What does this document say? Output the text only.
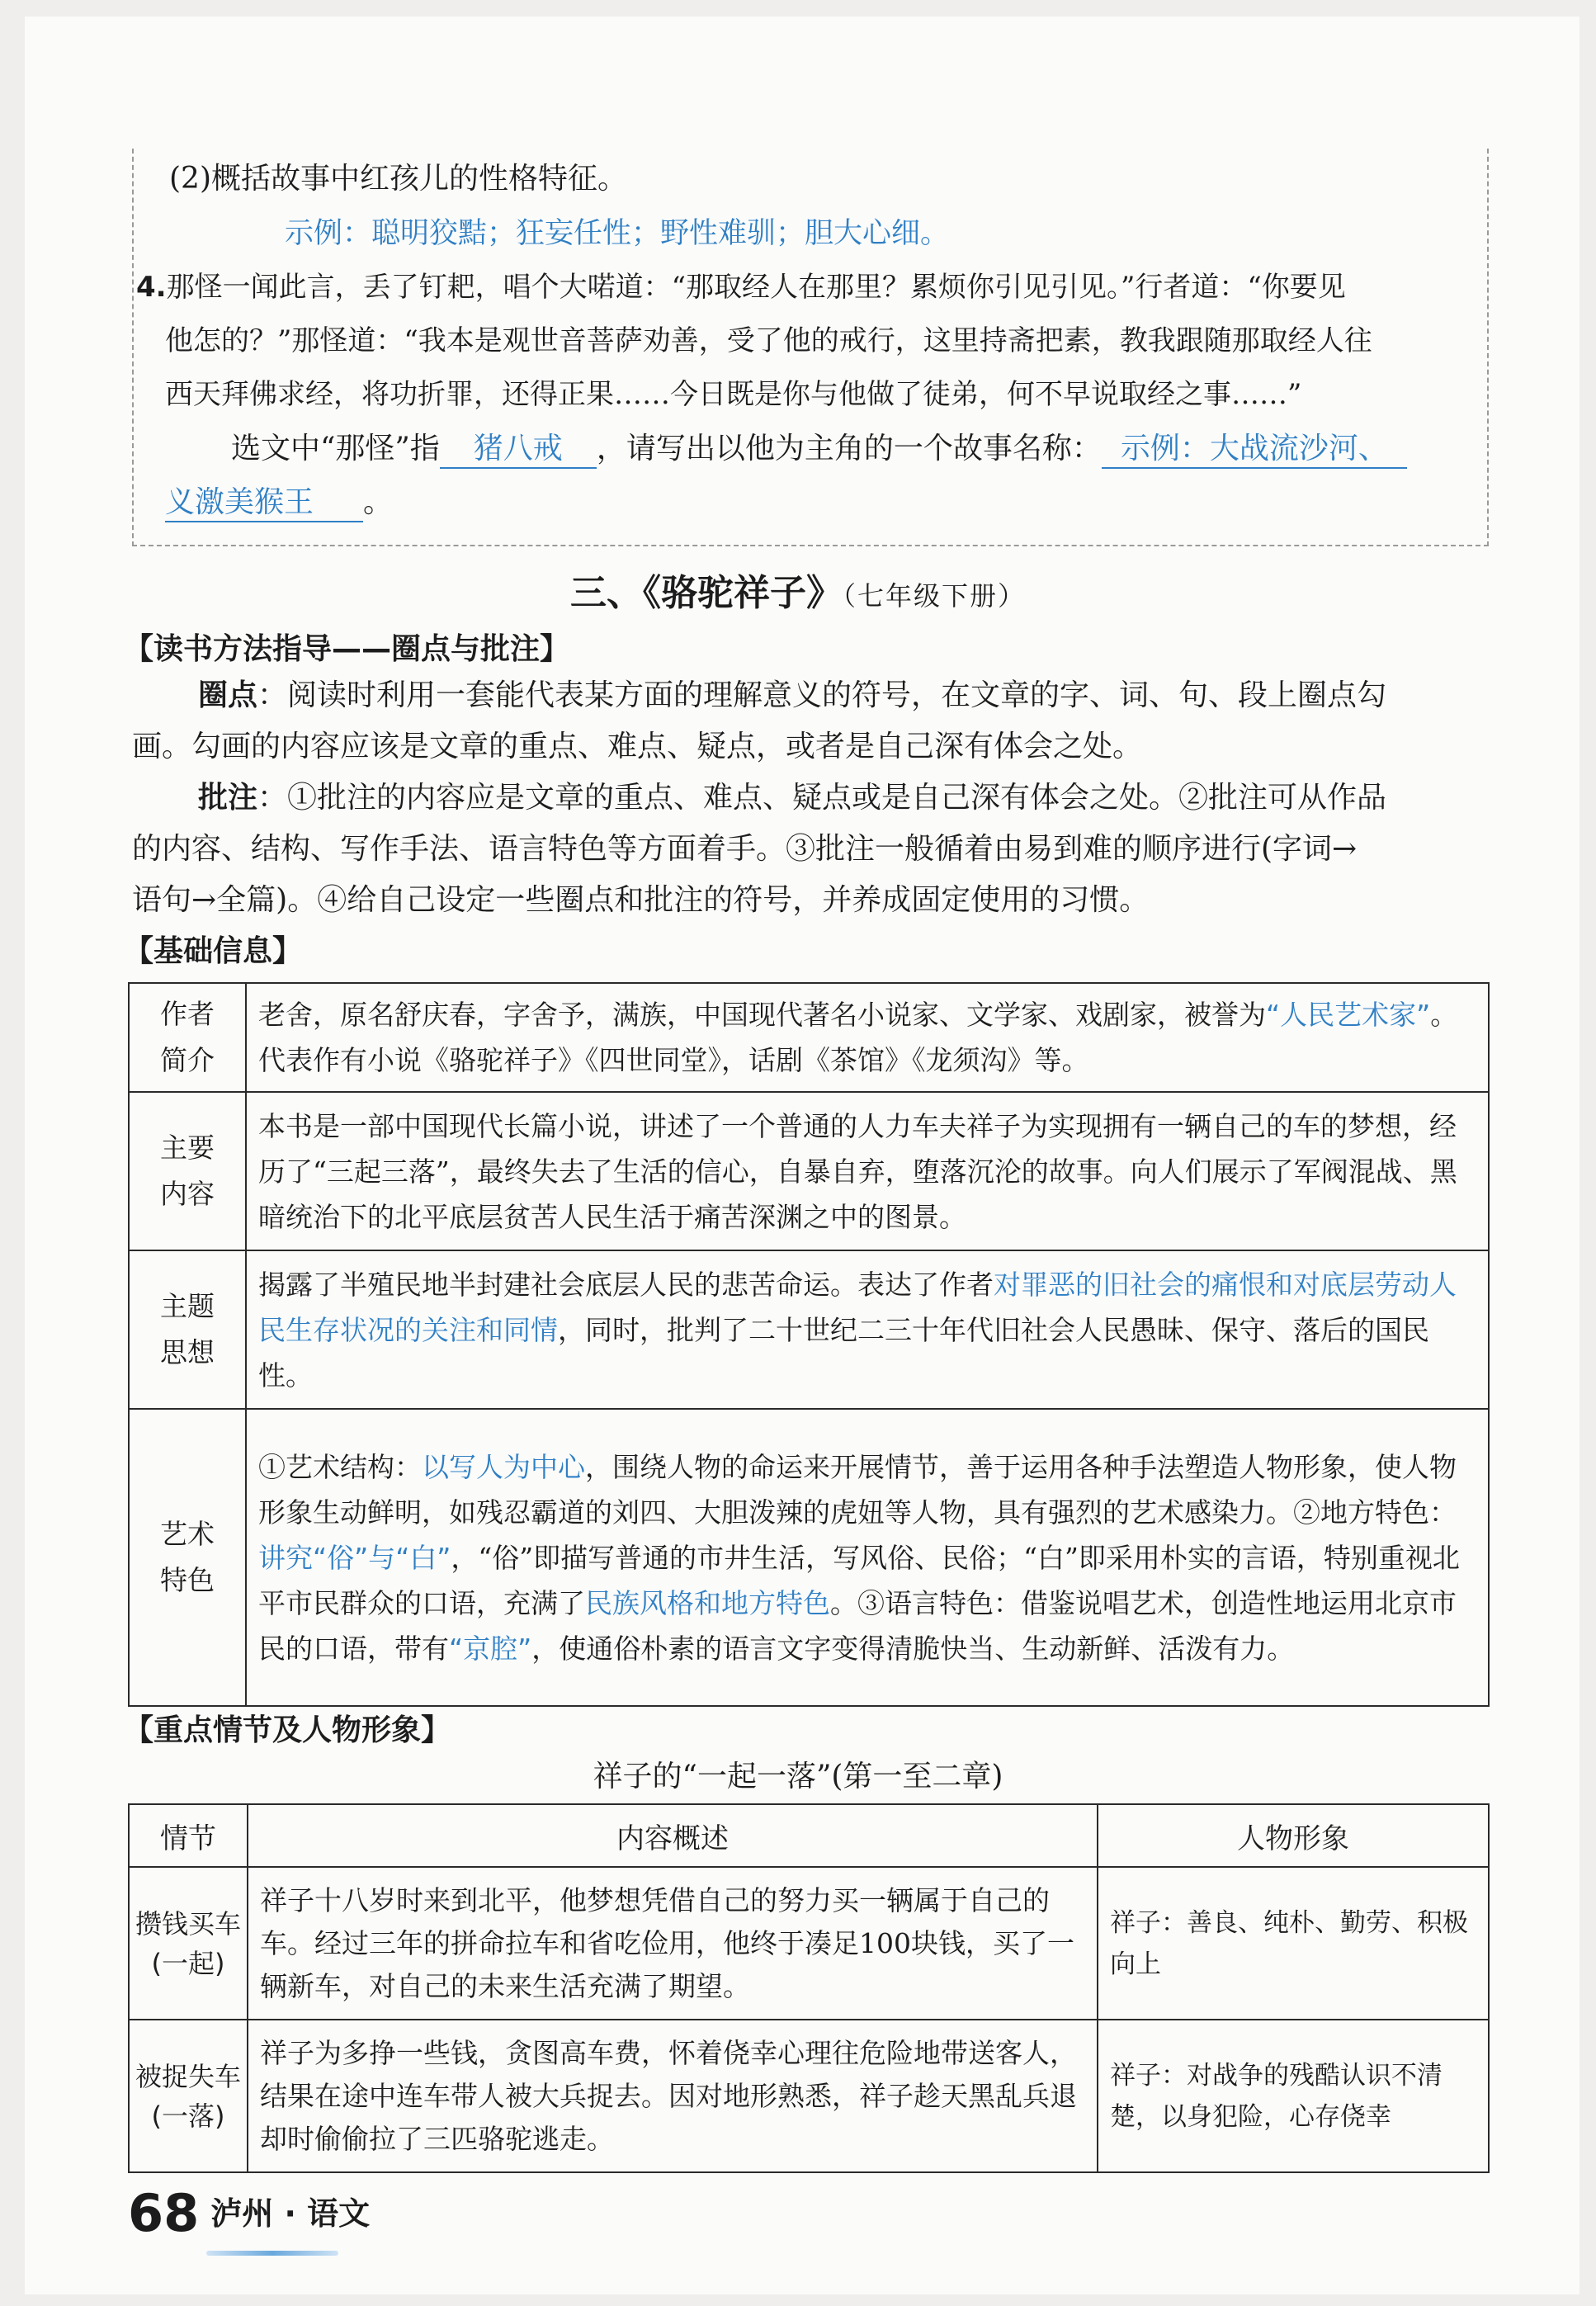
(2)概括故事中红孩儿的性格特征。
示例：聪明狡黠；狂妄任性；野性难驯；胆大心细。
4.那怪一闻此言，丢了钉耙，唱个大喏道：“那取经人在那里？累烦你引见引见。”行者道：“你要见
他怎的？”那怪道：“我本是观世音菩萨劝善，受了他的戒行，这里持斋把素，教我跟随那取经人往
西天拜佛求经，将功折罪，还得正果……今日既是你与他做了徒弟，何不早说取经之事……”
选文中“那怪”指 猪八戒 ，请写出以他为主角的一个故事名称： 示例：大战流沙河、
义激美猴王 。
三、《骆驼祥子》（七年级下册）
【读书方法指导——圈点与批注】
圈点：阅读时利用一套能代表某方面的理解意义的符号，在文章的字、词、句、段上圈点勾
画。勾画的内容应该是文章的重点、难点、疑点，或者是自己深有体会之处。
批注：①批注的内容应是文章的重点、难点、疑点或是自己深有体会之处。②批注可从作品
的内容、结构、写作手法、语言特色等方面着手。③批注一般循着由易到难的顺序进行(字词→
语句→全篇)。④给自己设定一些圈点和批注的符号，并养成固定使用的习惯。
【基础信息】
作者
简介	老舍，原名舒庆春，字舍予，满族，中国现代著名小说家、文学家、戏剧家，被誉为“人民艺术家”。代表作有小说《骆驼祥子》《四世同堂》，话剧《茶馆》《龙须沟》等。

主要
内容	本书是一部中国现代长篇小说，讲述了一个普通的人力车夫祥子为实现拥有一辆自己的车的梦想，经历了“三起三落”，最终失去了生活的信心，自暴自弃，堕落沉沦的故事。向人们展示了军阀混战、黑暗统治下的北平底层贫苦人民生活于痛苦深渊之中的图景。

主题
思想	揭露了半殖民地半封建社会底层人民的悲苦命运。表达了作者对罪恶的旧社会的痛恨和对底层劳动人民生存状况的关注和同情，同时，批判了二十世纪二三十年代旧社会人民愚昧、保守、落后的国民性。

艺术
特色	①艺术结构：以写人为中心，围绕人物的命运来开展情节，善于运用各种手法塑造人物形象，使人物形象生动鲜明，如残忍霸道的刘四、大胆泼辣的虎妞等人物，具有强烈的艺术感染力。②地方特色：讲究“俗”与“白”，“俗”即描写普通的市井生活，写风俗、民俗；“白”即采用朴实的言语，特别重视北平市民群众的口语，充满了民族风格和地方特色。③语言特色：借鉴说唱艺术，创造性地运用北京市民的口语，带有“京腔”，使通俗朴素的语言文字变得清脆快当、生动新鲜、活泼有力。
【重点情节及人物形象】
祥子的“一起一落”(第一至二章)
情节	内容概述	人物形象

攒钱买车
(一起)	祥子十八岁时来到北平，他梦想凭借自己的努力买一辆属于自己的车。经过三年的拼命拉车和省吃俭用，他终于凑足100块钱，买了一辆新车，对自己的未来生活充满了期望。	祥子：善良、纯朴、勤劳、积极向上

被捉失车
(一落)	祥子为多挣一些钱，贪图高车费，怀着侥幸心理往危险地带送客人，结果在途中连车带人被大兵捉去。因对地形熟悉，祥子趁天黑乱兵退却时偷偷拉了三匹骆驼逃走。	祥子：对战争的残酷认识不清楚，以身犯险，心存侥幸
68 泸州 · 语文
